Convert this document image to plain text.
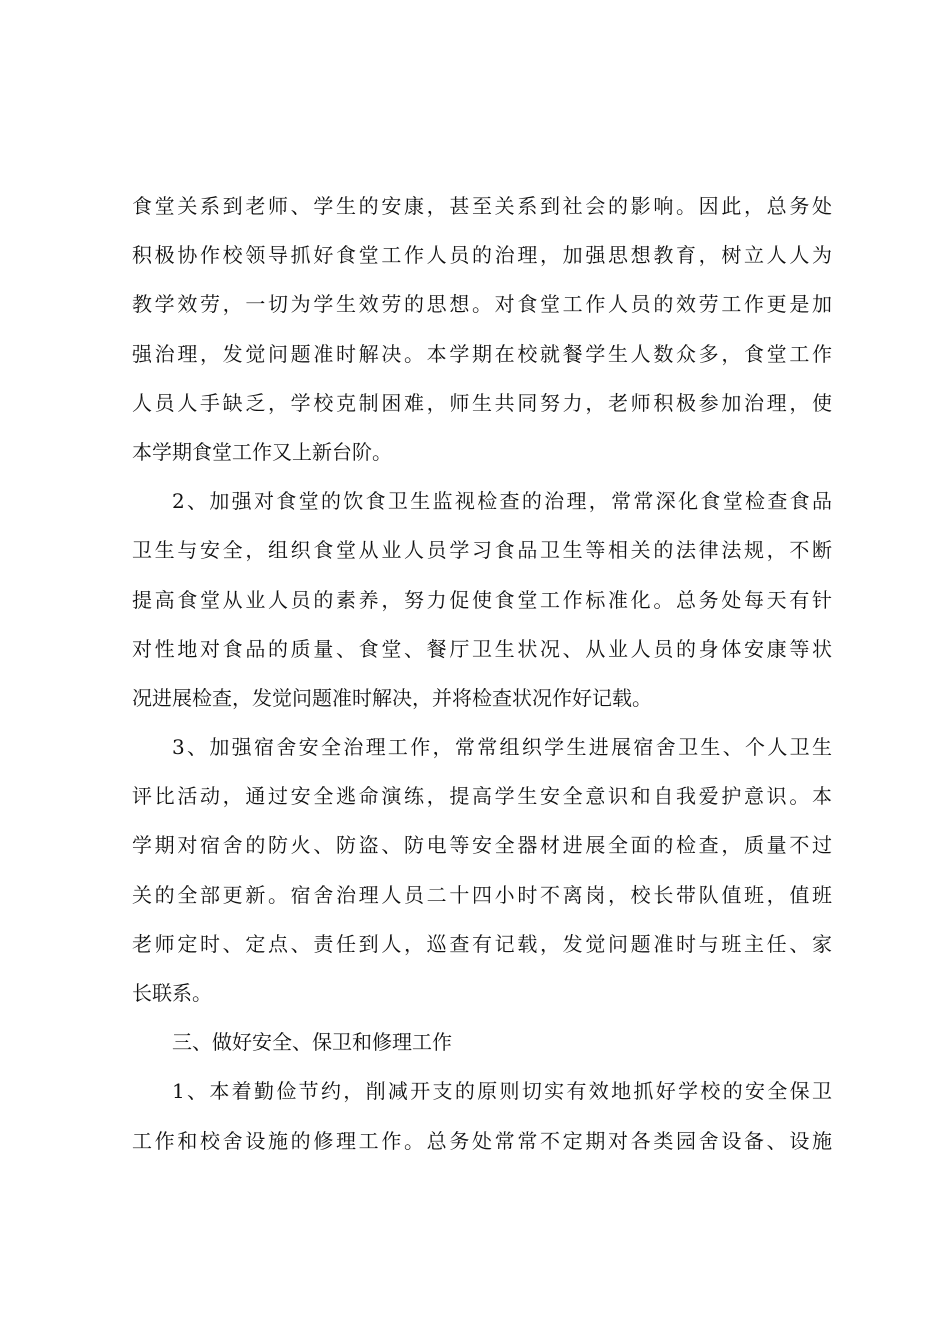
食堂关系到老师、学生的安康，甚至关系到社会的影响。因此，总务处
积极协作校领导抓好食堂工作人员的治理，加强思想教育，树立人人为
教学效劳，一切为学生效劳的思想。对食堂工作人员的效劳工作更是加
强治理，发觉问题准时解决。本学期在校就餐学生人数众多，食堂工作
人员人手缺乏，学校克制困难，师生共同努力，老师积极参加治理，使
本学期食堂工作又上新台阶。
2、加强对食堂的饮食卫生监视检查的治理，常常深化食堂检查食品
卫生与安全，组织食堂从业人员学习食品卫生等相关的法律法规，不断
提高食堂从业人员的素养，努力促使食堂工作标准化。总务处每天有针
对性地对食品的质量、食堂、餐厅卫生状况、从业人员的身体安康等状
况进展检查，发觉问题准时解决，并将检查状况作好记载。
3、加强宿舍安全治理工作，常常组织学生进展宿舍卫生、个人卫生
评比活动，通过安全逃命演练，提高学生安全意识和自我爱护意识。本
学期对宿舍的防火、防盗、防电等安全器材进展全面的检查，质量不过
关的全部更新。宿舍治理人员二十四小时不离岗，校长带队值班，值班
老师定时、定点、责任到人，巡查有记载，发觉问题准时与班主任、家
长联系。
三、做好安全、保卫和修理工作
1、本着勤俭节约，削减开支的原则切实有效地抓好学校的安全保卫
工作和校舍设施的修理工作。总务处常常不定期对各类园舍设备、设施
